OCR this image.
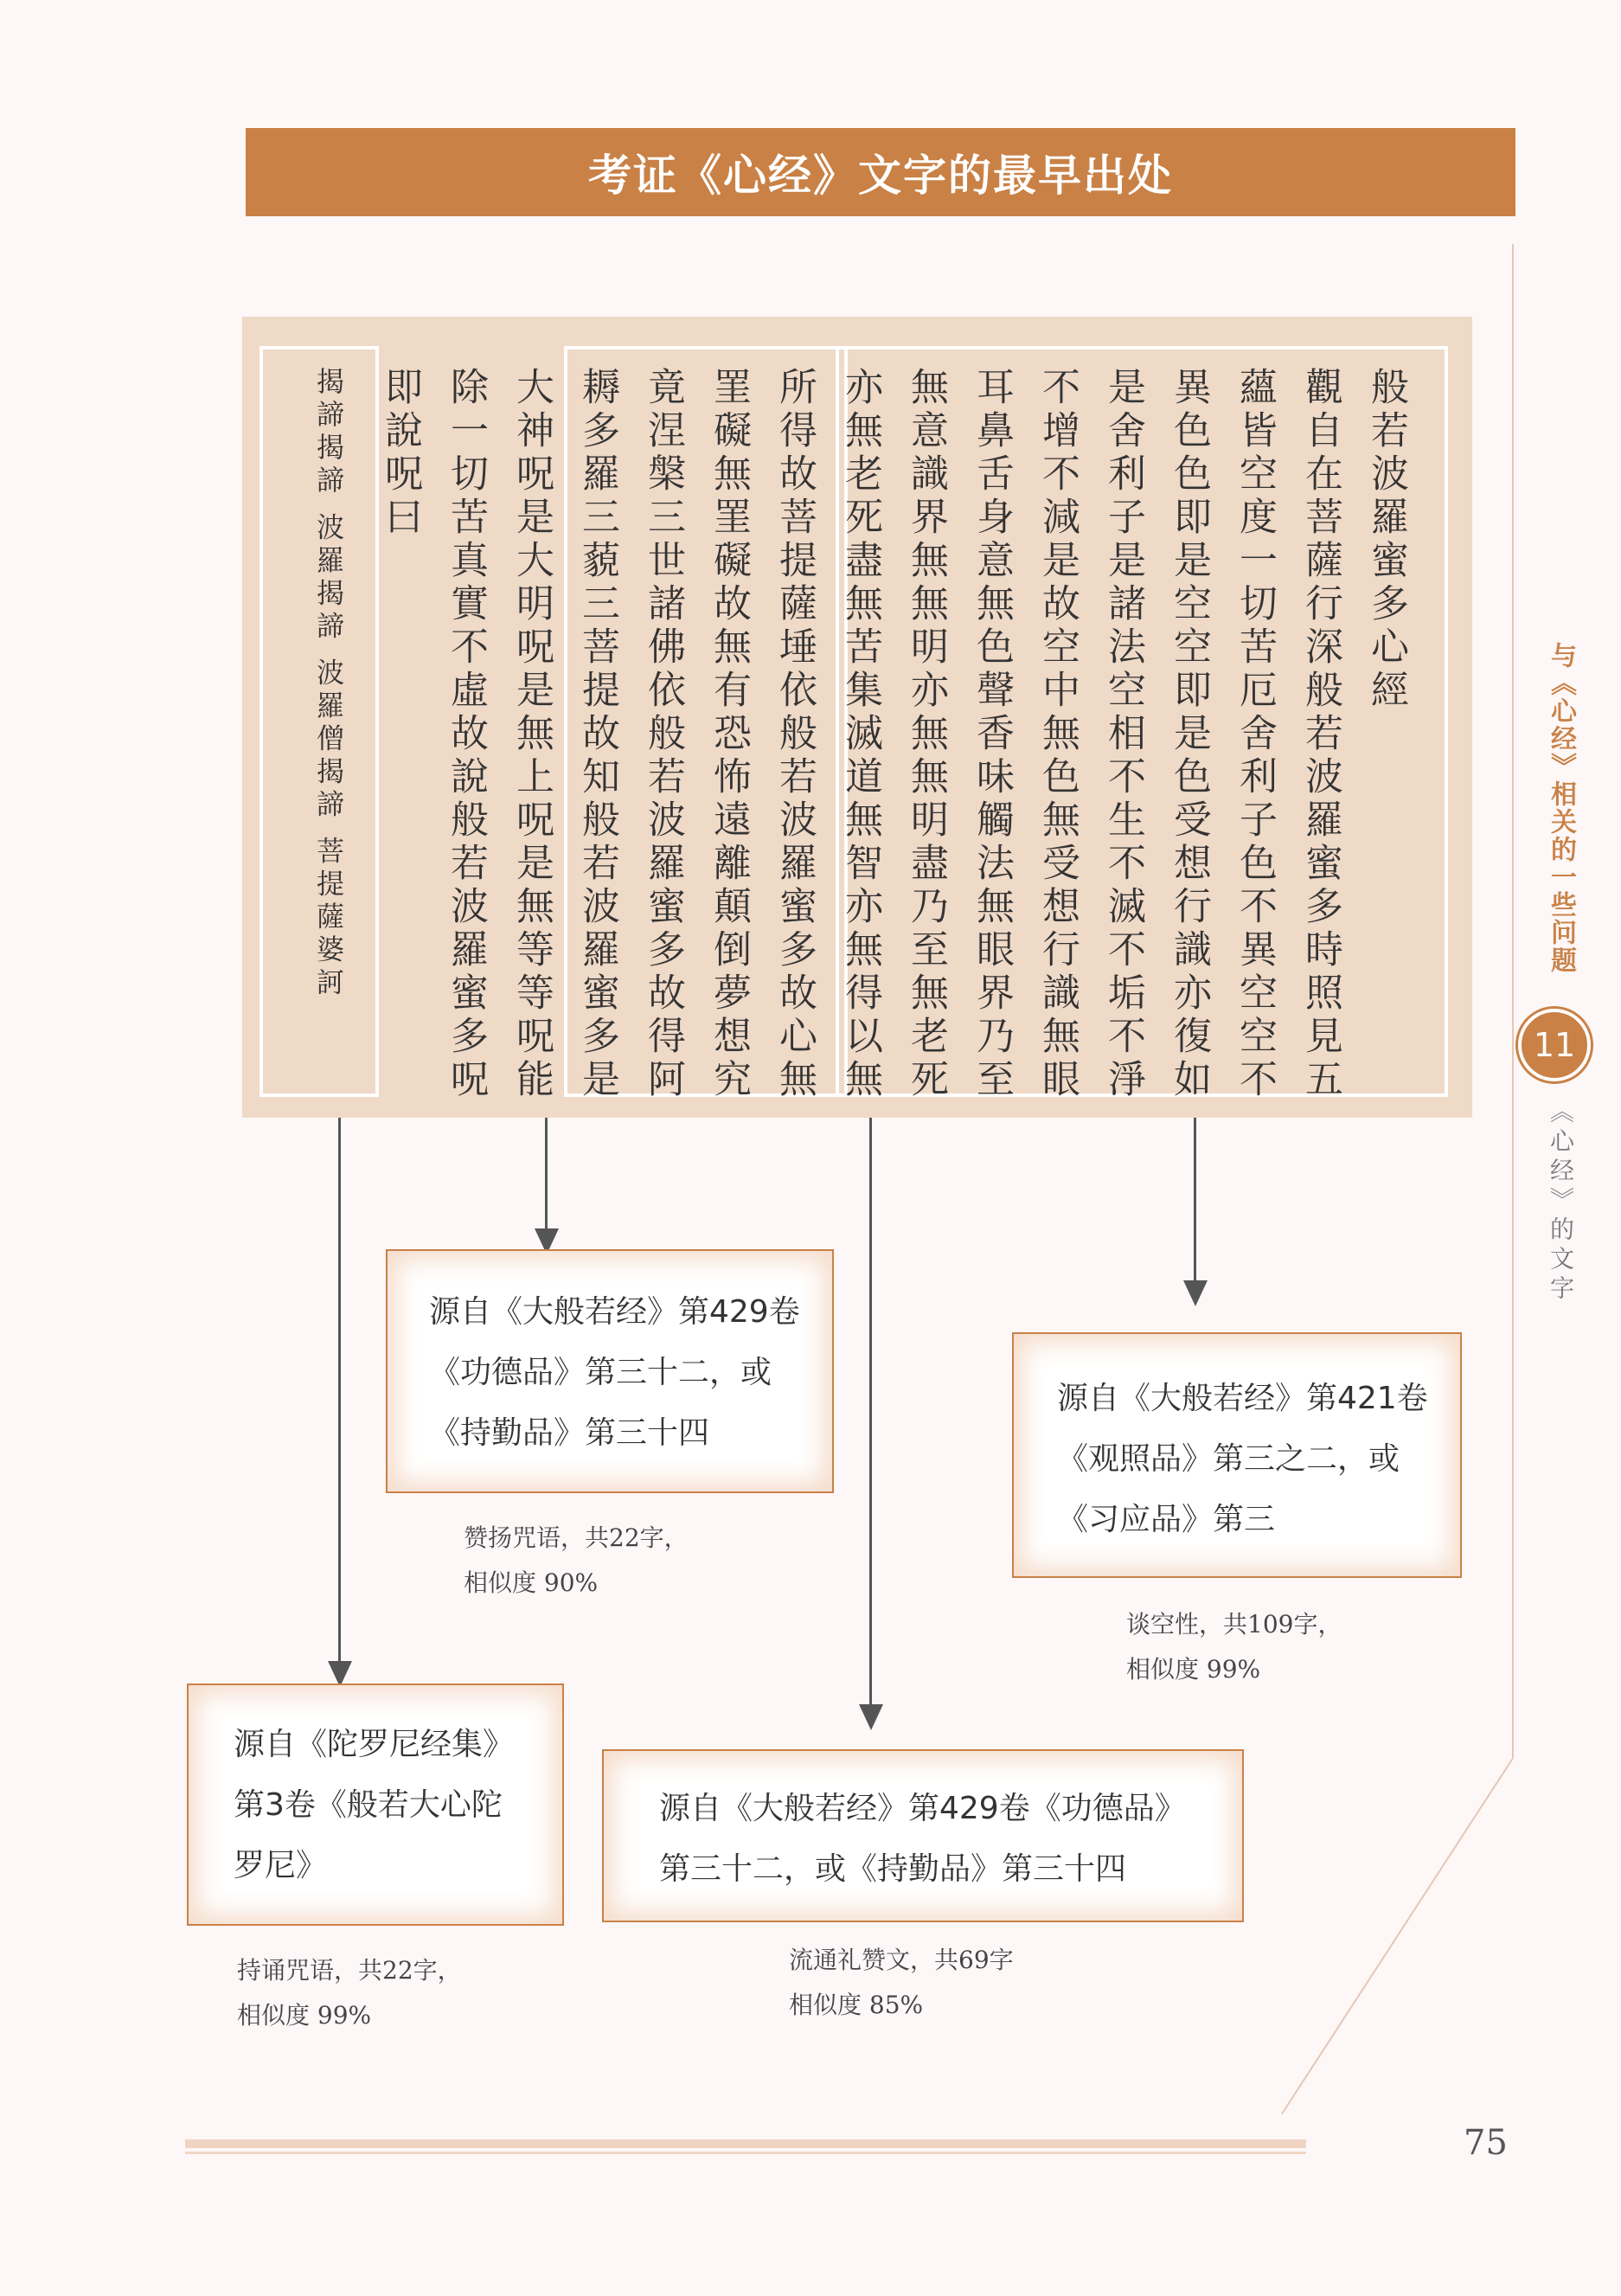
考证《心经》文字的最早出处
与《心经》相关的一些问题
11
《心经》的文字
般若波羅蜜多心經
觀自在菩薩行深般若波羅蜜多時照見五
蘊皆空度一切苦厄舍利子色不異空空不
異色色即是空空即是色受想行識亦復如
是舍利子是諸法空相不生不滅不垢不淨
不增不減是故空中無色無受想行識無眼
耳鼻舌身意無色聲香味觸法無眼界乃至
無意識界無無明亦無無明盡乃至無老死
亦無老死盡無苦集滅道無智亦無得以無
所得故菩提薩埵依般若波羅蜜多故心無
罣礙無罣礙故無有恐怖遠離顛倒夢想究
竟涅槃三世諸佛依般若波羅蜜多故得阿
耨多羅三藐三菩提故知般若波羅蜜多是
大神呪是大明呪是無上呪是無等等呪能
除一切苦真實不虛故說般若波羅蜜多呪
即說呪曰
揭諦揭諦 波羅揭諦 波羅僧揭諦 菩提薩婆訶
源自《大般若经》第429卷
《功德品》第三十二，或
《持勤品》第三十四
赞扬咒语，共22字，
相似度 90%
源自《大般若经》第421卷
《观照品》第三之二，或
《习应品》第三
谈空性，共109字，
相似度 99%
源自《陀罗尼经集》
第3卷《般若大心陀
罗尼》
持诵咒语，共22字，
相似度 99%
源自《大般若经》第429卷《功德品》
第三十二，或《持勤品》第三十四
流通礼赞文，共69字
相似度 85%
75
